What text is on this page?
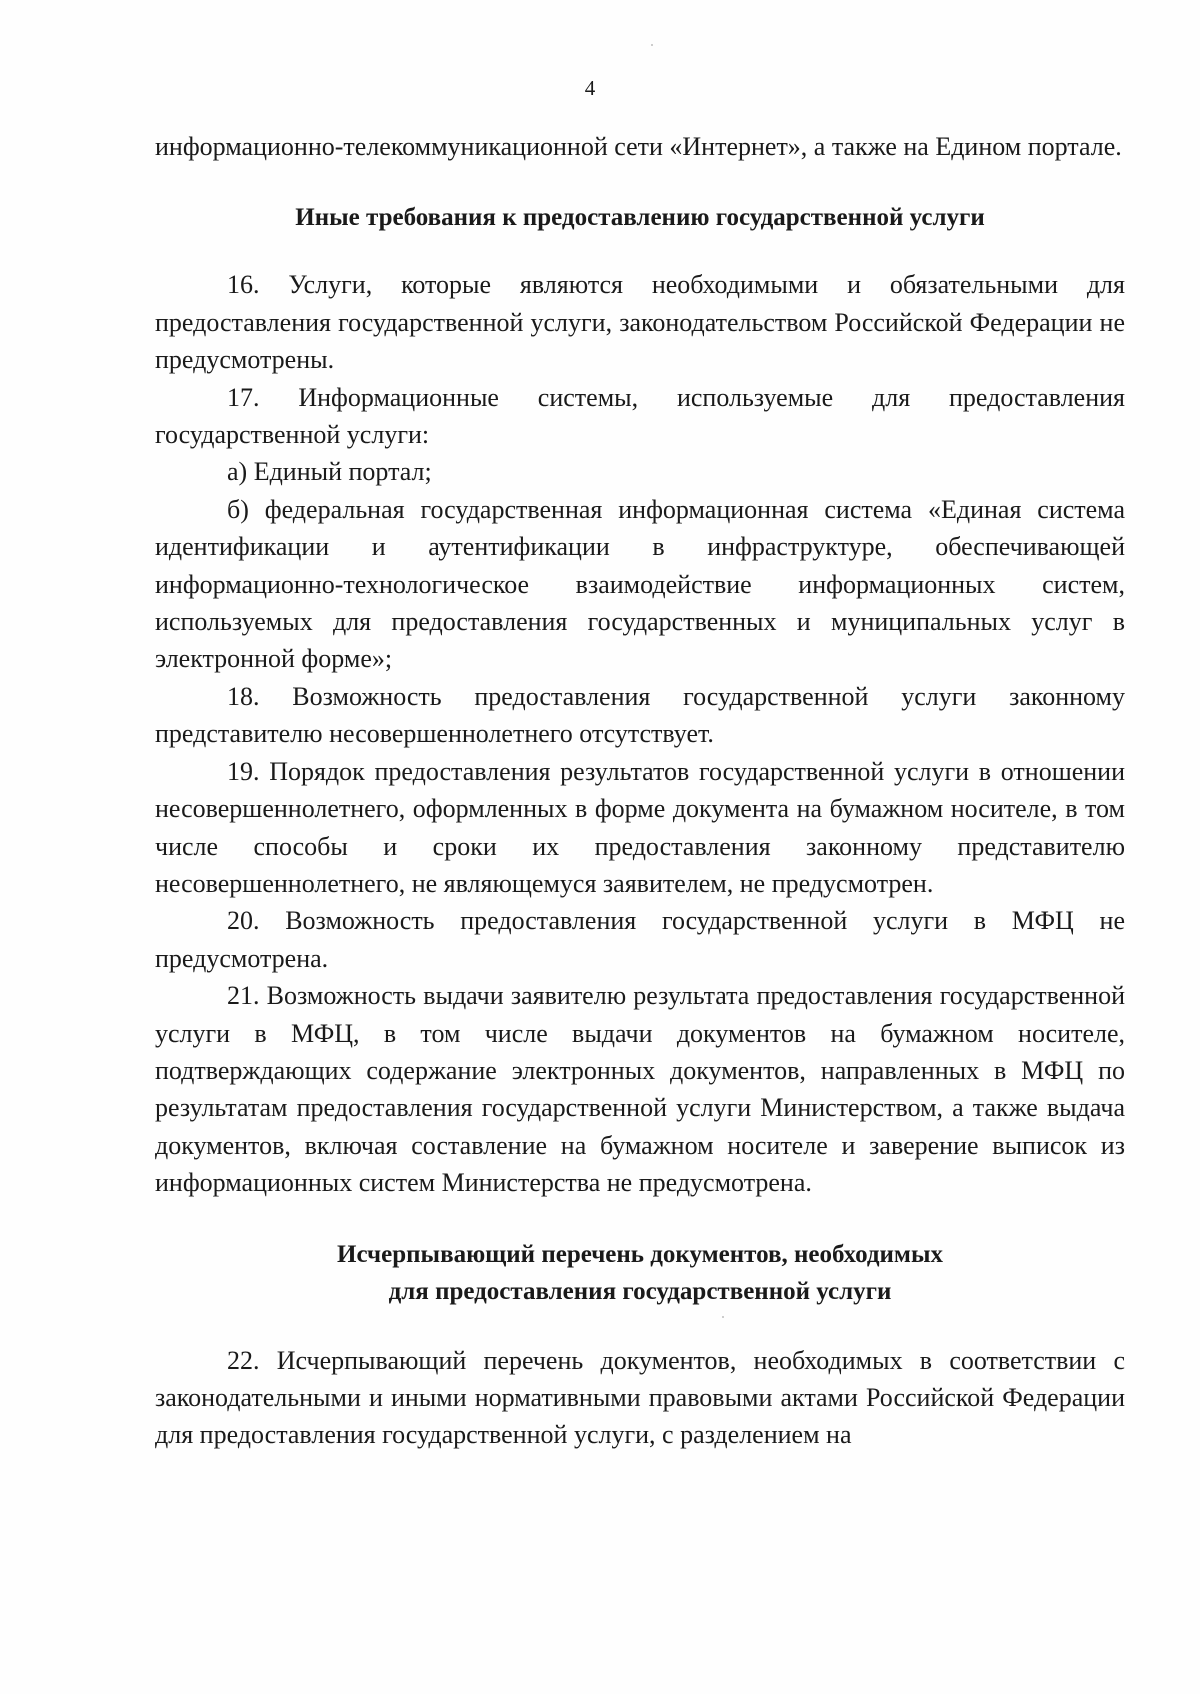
4

информационно-телекоммуникационной сети «Интернет», а также на Едином портале.

Иные требования к предоставлению государственной услуги

16. Услуги, которые являются необходимыми и обязательными для предоставления государственной услуги, законодательством Российской Федерации не предусмотрены.

17. Информационные системы, используемые для предоставления государственной услуги:

а) Единый портал;

б) федеральная государственная информационная система «Единая система идентификации и аутентификации в инфраструктуре, обеспечивающей информационно-технологическое взаимодействие информационных систем, используемых для предоставления государственных и муниципальных услуг в электронной форме»;

18. Возможность предоставления государственной услуги законному представителю несовершеннолетнего отсутствует.

19. Порядок предоставления результатов государственной услуги в отношении несовершеннолетнего, оформленных в форме документа на бумажном носителе, в том числе способы и сроки их предоставления законному представителю несовершеннолетнего, не являющемуся заявителем, не предусмотрен.

20. Возможность предоставления государственной услуги в МФЦ не предусмотрена.

21. Возможность выдачи заявителю результата предоставления государственной услуги в МФЦ, в том числе выдачи документов на бумажном носителе, подтверждающих содержание электронных документов, направленных в МФЦ по результатам предоставления государственной услуги Министерством, а также выдача документов, включая составление на бумажном носителе и заверение выписок из информационных систем Министерства не предусмотрена.

Исчерпывающий перечень документов, необходимых
для предоставления государственной услуги

22. Исчерпывающий перечень документов, необходимых в соответствии с законодательными и иными нормативными правовыми актами Российской Федерации для предоставления государственной услуги, с разделением на
